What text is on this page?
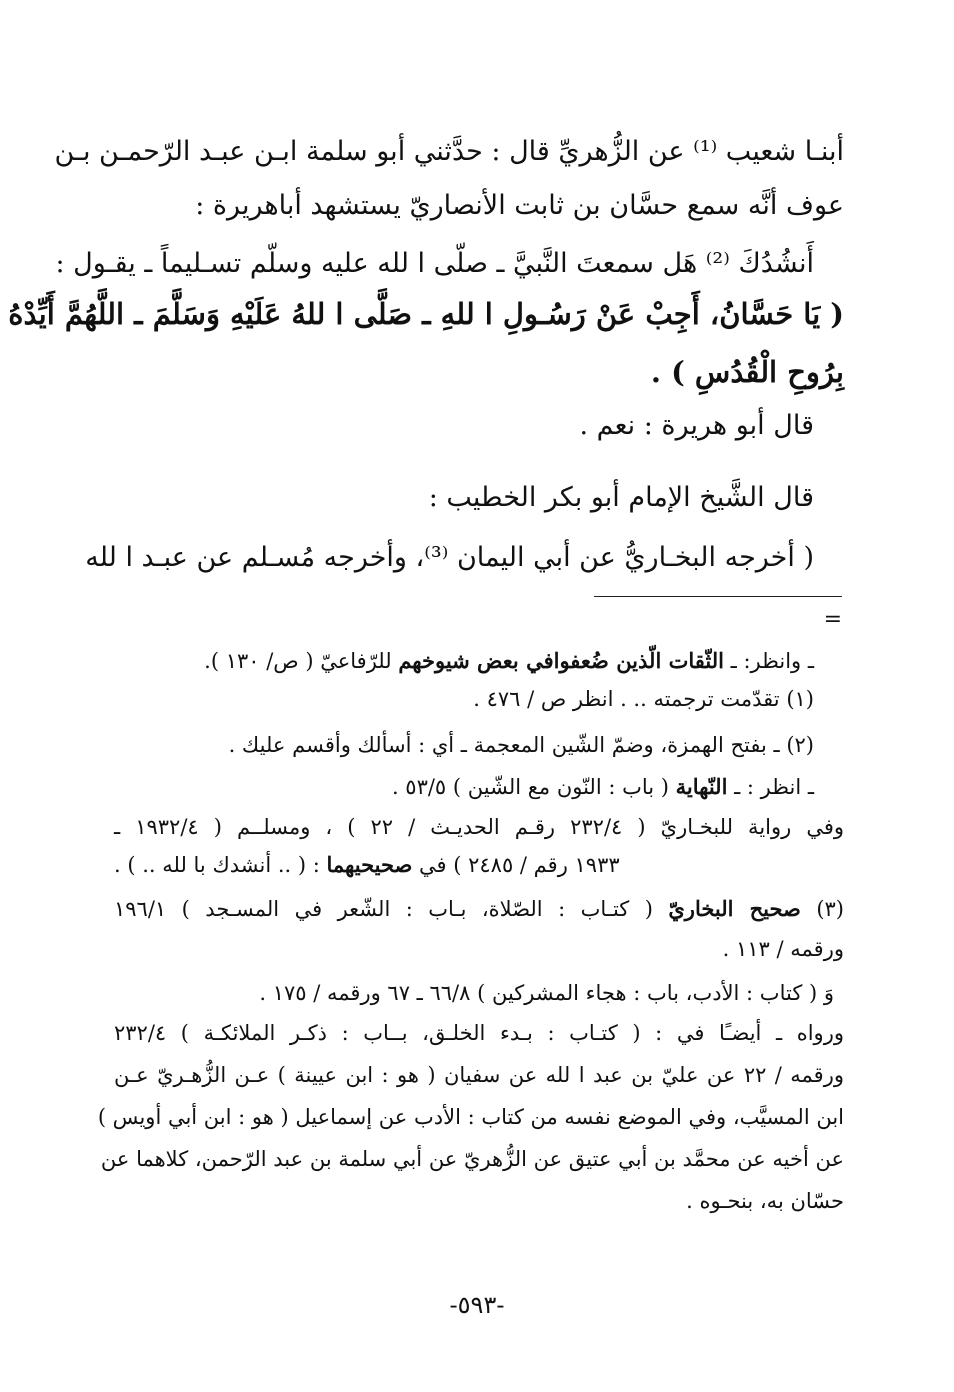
أبنـا شعيب ⁽¹⁾ عن الزُّهريِّ قال : حدَّثني أبو سلمة ابـن عبـد الرّحمـن بـن
عوف أنَّه سمع حسَّان بن ثابت الأنصاريّ يستشهد أباهريرة :
أَنشُدُكَ ⁽²⁾ هَل سمعتَ النَّبيَّ ـ صلّى ا لله عليه وسلّم تسـليماً ـ يقـول :
( يَا حَسَّانُ، أَجِبْ عَنْ رَسُـولِ ا للهِ ـ صَلَّى ا للهُ عَلَيْهِ وَسَلَّمَ ـ اللَّهُمَّ أَيِّدْهُ
بِرُوحِ الْقُدُسِ ) .
قال أبو هريرة : نعم .
قال الشَّيخ الإمام أبو بكر الخطيب :
( أخرجه البخـاريُّ عن أبي اليمان ⁽³⁾، وأخرجه مُسـلم عن عبـد ا لله
=
ـ وانظر: ـ الثّقات الّذين ضُعفوافي بعض شيوخهم للرّفاعيّ ( ص/ ١٣٠ ).
(١) تقدّمت ترجمته .. . انظر ص / ٤٧٦ .
(٢) ـ بفتح الهمزة، وضمّ الشّين المعجمة ـ أي : أسألك وأقسم عليك .
ـ انظر : ـ النّهاية ( باب : النّون مع الشّين ) ٥٣/٥ .
وفي رواية للبخـاريّ ( ٢٣٢/٤ رقـم الحديـث / ٢٢ ) ، ومسلــم ( ١٩٣٢/٤ ـ
١٩٣٣ رقم / ٢٤٨٥ ) في صحيحيهما : ( .. أنشدك با لله .. ) .
(٣) صحيح البخاريّ ( كتـاب : الصّلاة، بـاب : الشّعر في المسـجد ) ١٩٦/١
ورقمه / ١١٣ .
وَ ( كتاب : الأدب، باب : هجاء المشركين ) ٦٦/٨ ـ ٦٧ ورقمه / ١٧٥ .
ورواه ـ أيضـًا في : ( كتـاب : بـدء الخلـق، بــاب : ذكـر الملائكـة ) ٢٣٢/٤
ورقمه / ٢٢ عن عليّ بن عبد ا لله عن سفيان ( هو : ابن عيينة ) عـن الزُّهـريّ عـن
ابن المسيَّب، وفي الموضع نفسه من كتاب : الأدب عن إسماعيل ( هو : ابن أبي أويس )
عن أخيه عن محمَّد بن أبي عتيق عن الزُّهريّ عن أبي سلمة بن عبد الرّحمن، كلاهما عن
حسّان به، بنحـوه .
-٥٩٣-
